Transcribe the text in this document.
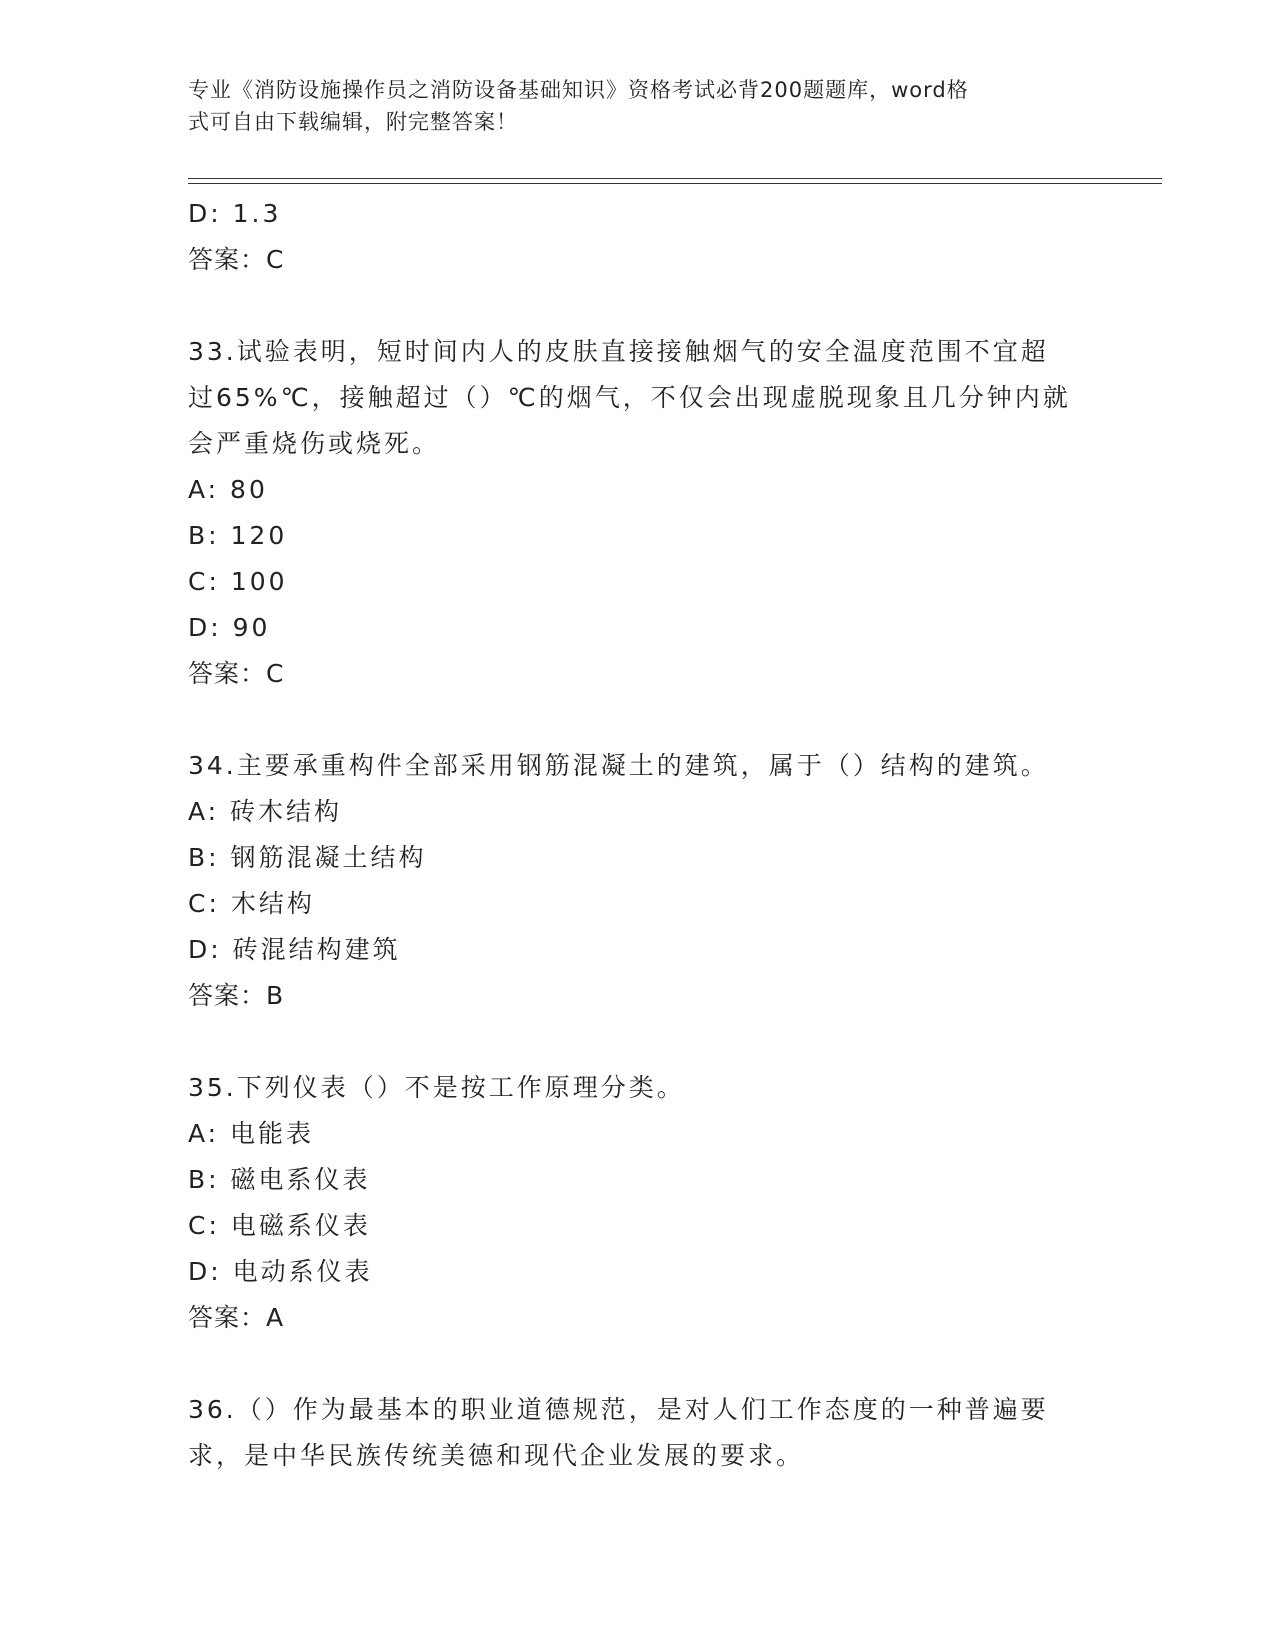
专业《消防设施操作员之消防设备基础知识》资格考试必背200题题库，word格
式可自由下载编辑，附完整答案！
D: 1.3
答案：C
33.试验表明，短时间内人的皮肤直接接触烟气的安全温度范围不宜超
过65%℃，接触超过（）℃的烟气，不仅会出现虚脱现象且几分钟内就
会严重烧伤或烧死。
A: 80
B: 120
C: 100
D: 90
答案：C
34.主要承重构件全部采用钢筋混凝土的建筑，属于（）结构的建筑。
A: 砖木结构
B: 钢筋混凝土结构
C: 木结构
D: 砖混结构建筑
答案：B
35.下列仪表（）不是按工作原理分类。
A: 电能表
B: 磁电系仪表
C: 电磁系仪表
D: 电动系仪表
答案：A
36.（）作为最基本的职业道德规范，是对人们工作态度的一种普遍要
求，是中华民族传统美德和现代企业发展的要求。
